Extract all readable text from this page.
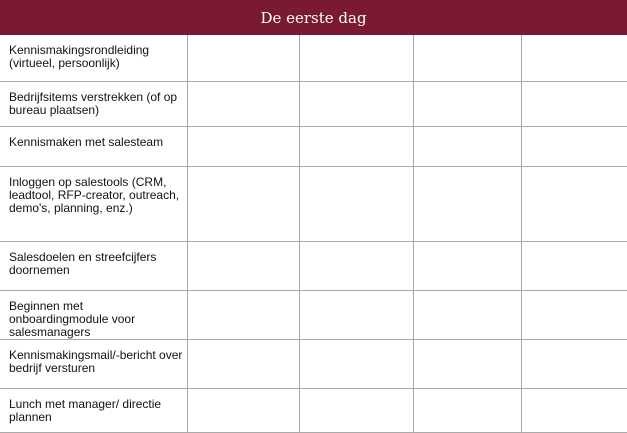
De eerste dag
Kennismakingsrondleiding (virtueel, persoonlijk)				
Bedrijfsitems verstrekken (of op bureau plaatsen)				
Kennismaken met salesteam				
Inloggen op salestools (CRM, leadtool, RFP-creator, outreach, demo's, planning, enz.)				
Salesdoelen en streefcijfers doornemen				
Beginnen met onboardingmodule voor salesmanagers				
Kennismakingsmail/-bericht over bedrijf versturen				
Lunch met manager/ directie plannen				
